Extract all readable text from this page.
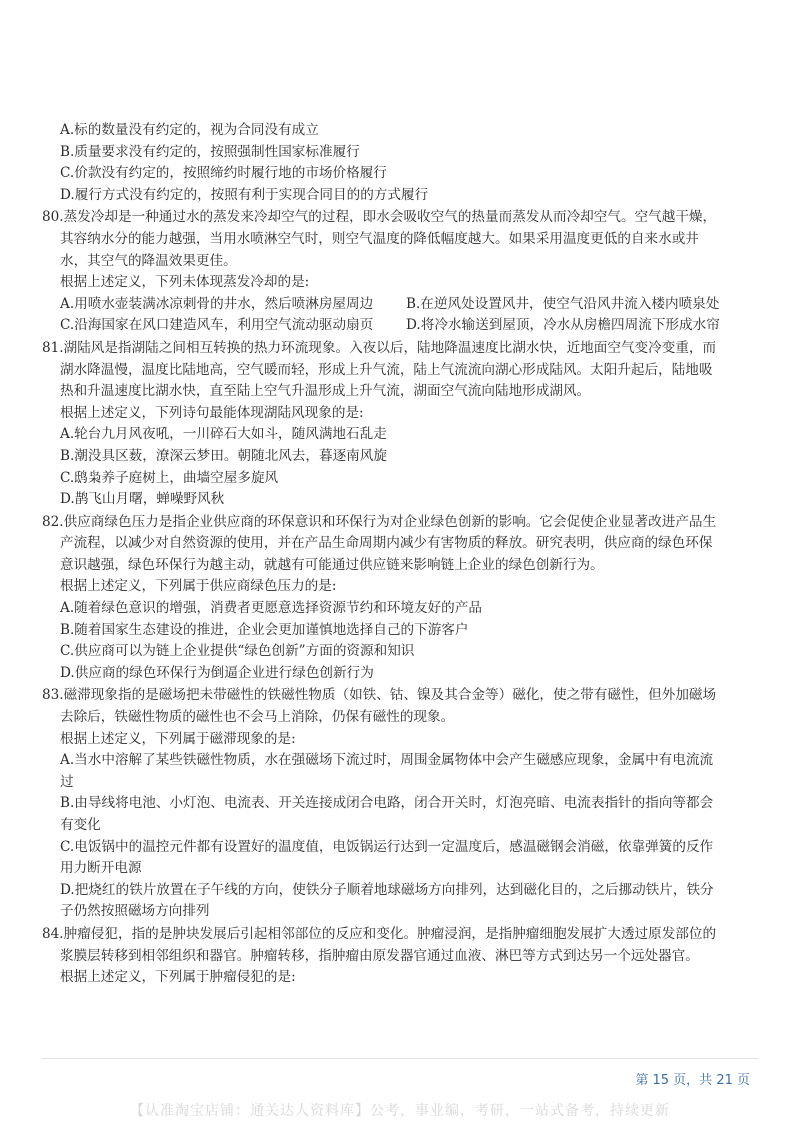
A.标的数量没有约定的，视为合同没有成立
B.质量要求没有约定的，按照强制性国家标准履行
C.价款没有约定的，按照缔约时履行地的市场价格履行
D.履行方式没有约定的，按照有利于实现合同目的的方式履行
80.蒸发冷却是一种通过水的蒸发来冷却空气的过程，即水会吸收空气的热量而蒸发从而冷却空气。空气越干燥，
其容纳水分的能力越强，当用水喷淋空气时，则空气温度的降低幅度越大。如果采用温度更低的自来水或井
水，其空气的降温效果更佳。
根据上述定义，下列未体现蒸发冷却的是:
A.用喷水壶装满冰凉刺骨的井水，然后喷淋房屋周边	B.在逆风处设置风井，使空气沿风井流入楼内喷泉处
C.沿海国家在风口建造风车，利用空气流动驱动扇页	D.将冷水输送到屋顶，冷水从房檐四周流下形成水帘
81.湖陆风是指湖陆之间相互转换的热力环流现象。入夜以后，陆地降温速度比湖水快，近地面空气变冷变重，而
湖水降温慢，温度比陆地高，空气暖而轻，形成上升气流，陆上气流流向湖心形成陆风。太阳升起后，陆地吸
热和升温速度比湖水快，直至陆上空气升温形成上升气流，湖面空气流向陆地形成湖风。
根据上述定义，下列诗句最能体现湖陆风现象的是:
A.轮台九月风夜吼，一川碎石大如斗，随风满地石乱走
B.潮没具区薮，潦深云梦田。朝随北风去，暮逐南风旋
C.鸱枭养子庭树上，曲墙空屋多旋风
D.鹊飞山月曙，蝉噪野风秋
82.供应商绿色压力是指企业供应商的环保意识和环保行为对企业绿色创新的影响。它会促使企业显著改进产品生
产流程，以减少对自然资源的使用，并在产品生命周期内减少有害物质的释放。研究表明，供应商的绿色环保
意识越强，绿色环保行为越主动，就越有可能通过供应链来影响链上企业的绿色创新行为。
根据上述定义，下列属于供应商绿色压力的是:
A.随着绿色意识的增强，消费者更愿意选择资源节约和环境友好的产品
B.随着国家生态建设的推进，企业会更加谨慎地选择自己的下游客户
C.供应商可以为链上企业提供“绿色创新”方面的资源和知识
D.供应商的绿色环保行为倒逼企业进行绿色创新行为
83.磁滞现象指的是磁场把未带磁性的铁磁性物质（如铁、钴、镍及其合金等）磁化，使之带有磁性，但外加磁场
去除后，铁磁性物质的磁性也不会马上消除，仍保有磁性的现象。
根据上述定义，下列属于磁滞现象的是:
A.当水中溶解了某些铁磁性物质，水在强磁场下流过时，周围金属物体中会产生磁感应现象，金属中有电流流
过
B.由导线将电池、小灯泡、电流表、开关连接成闭合电路，闭合开关时，灯泡亮暗、电流表指针的指向等都会
有变化
C.电饭锅中的温控元件都有设置好的温度值，电饭锅运行达到一定温度后，感温磁钢会消磁，依靠弹簧的反作
用力断开电源
D.把烧红的铁片放置在子午线的方向，使铁分子顺着地球磁场方向排列，达到磁化目的，之后挪动铁片，铁分
子仍然按照磁场方向排列
84.肿瘤侵犯，指的是肿块发展后引起相邻部位的反应和变化。肿瘤浸润，是指肿瘤细胞发展扩大透过原发部位的
浆膜层转移到相邻组织和器官。肿瘤转移，指肿瘤由原发器官通过血液、淋巴等方式到达另一个远处器官。
根据上述定义，下列属于肿瘤侵犯的是:
第 15 页，共 21 页
【认准淘宝店铺：通关达人资料库】公考，事业编，考研，一站式备考，持续更新
